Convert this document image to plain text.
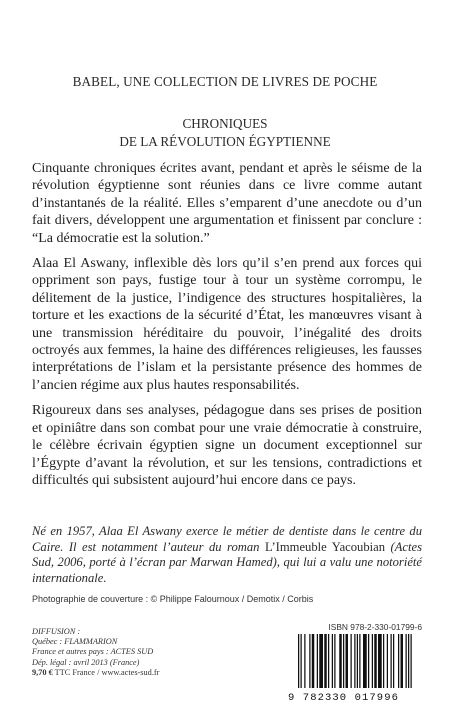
BABEL, UNE COLLECTION DE LIVRES DE POCHE
CHRONIQUES
DE LA RÉVOLUTION ÉGYPTIENNE

Cinquante chroniques écrites avant, pendant et après le séisme de la révolution égyptienne sont réunies dans ce livre comme autant d’instantanés de la réalité. Elles s’emparent d’une anecdote ou d’un fait divers, développent une argumentation et finissent par conclure : “La démocratie est la solution.”

Alaa El Aswany, inflexible dès lors qu’il s’en prend aux forces qui oppriment son pays, fustige tour à tour un système corrompu, le délitement de la justice, l’indigence des structures hospitalières, la torture et les exactions de la sécurité d’État, les manœuvres visant à une transmission héréditaire du pouvoir, l’inégalité des droits octroyés aux femmes, la haine des différences religieuses, les fausses interprétations de l’islam et la persistante présence des hommes de l’ancien régime aux plus hautes responsabilités.

Rigoureux dans ses analyses, pédagogue dans ses prises de position et opiniâtre dans son combat pour une vraie démocratie à construire, le célèbre écrivain égyptien signe un document exceptionnel sur l’Égypte d’avant la révolution, et sur les tensions, contradictions et difficultés qui subsistent aujourd’hui encore dans ce pays.

Né en 1957, Alaa El Aswany exerce le métier de dentiste dans le centre du Caire. Il est notamment l’auteur du roman L’Immeuble Yacoubian (Actes Sud, 2006, porté à l’écran par Marwan Hamed), qui lui a valu une notoriété internationale.
Photographie de couverture : © Philippe Falournoux / Demotix / Corbis
DIFFUSION :
Québec : FLAMMARION
France et autres pays : ACTES SUD
Dép. légal : avril 2013 (France)
9,70 € TTC France / www.actes-sud.fr
ISBN 978-2-330-01799-6
9 782330 017996
